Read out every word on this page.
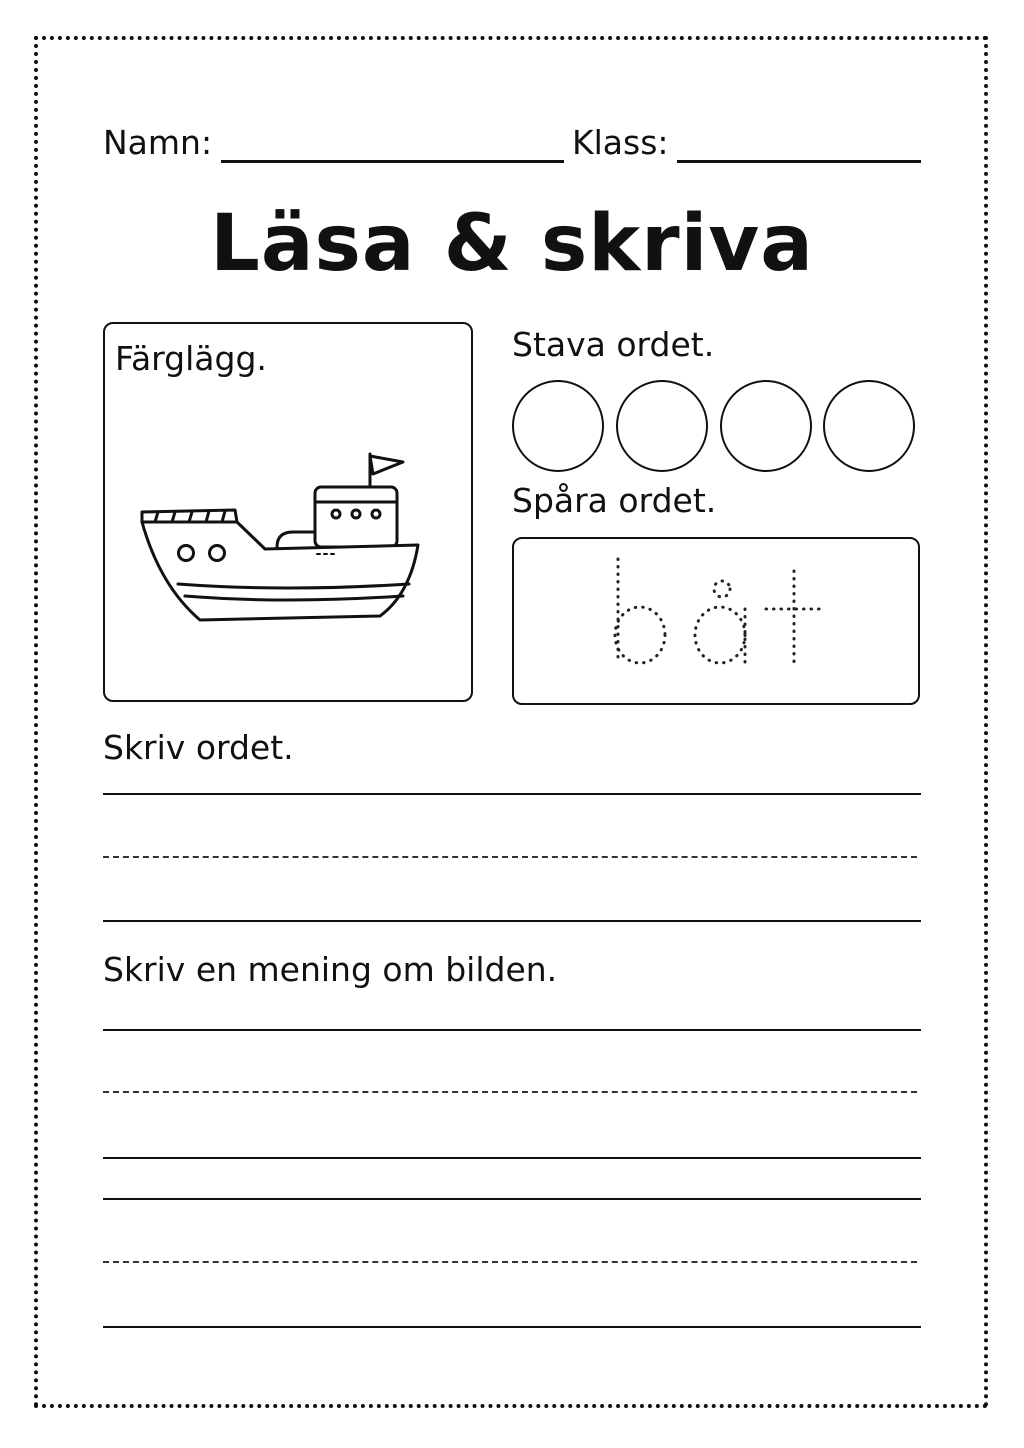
Namn:	Klass:
Läsa & skriva
Färglägg.	Stava ordet.
Spåra ordet.
Skriv ordet.
Skriv en mening om bilden.
